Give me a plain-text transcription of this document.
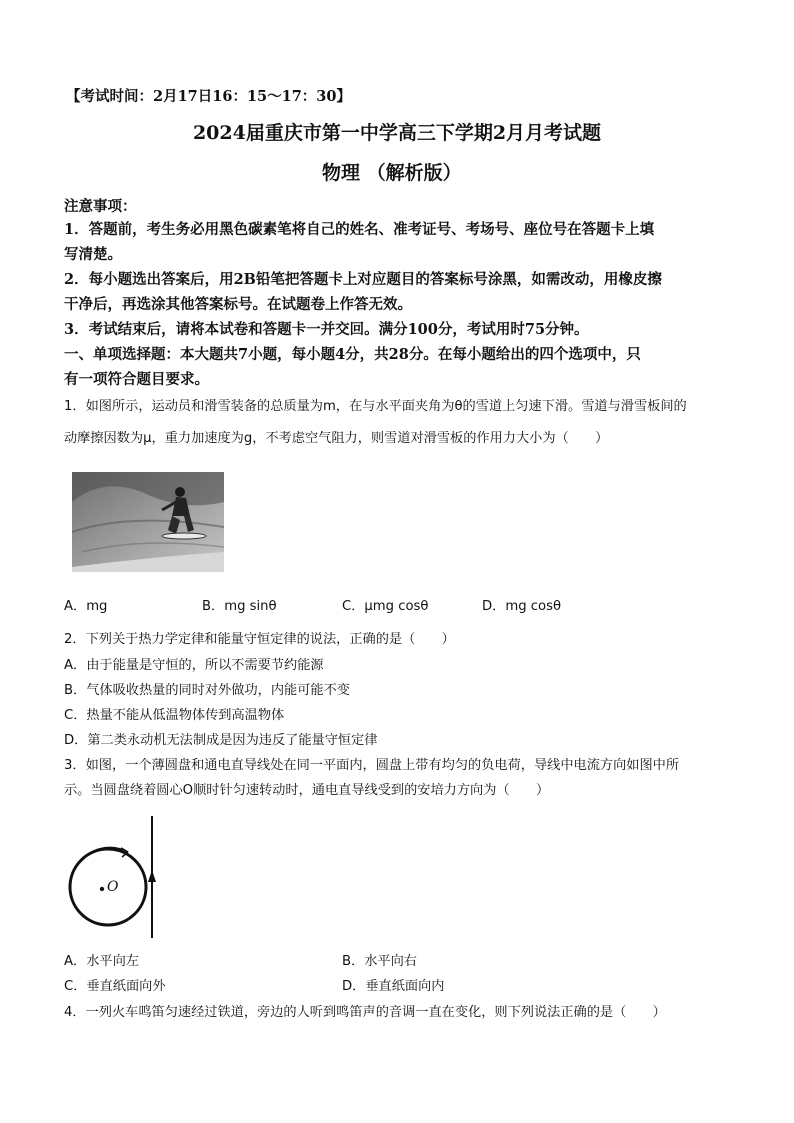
【考试时间：2月17日16：15～17：30】
2024届重庆市第一中学高三下学期2月月考试题
物理 （解析版）
注意事项：
1．答题前，考生务必用黑色碳素笔将自己的姓名、准考证号、考场号、座位号在答题卡上填
写清楚。
2．每小题选出答案后，用2B铅笔把答题卡上对应题目的答案标号涂黑，如需改动，用橡皮擦
干净后，再选涂其他答案标号。在试题卷上作答无效。
3．考试结束后，请将本试卷和答题卡一并交回。满分100分，考试用时75分钟。
一、单项选择题：本大题共7小题，每小题4分，共28分。在每小题给出的四个选项中，只
有一项符合题目要求。
1．如图所示，运动员和滑雪装备的总质量为m，在与水平面夹角为θ的雪道上匀速下滑。雪道与滑雪板间的
动摩擦因数为μ，重力加速度为g，不考虑空气阻力，则雪道对滑雪板的作用力大小为（　　）
A．mg	B．mg sinθ	C．μmg cosθ	D．mg cosθ
2．下列关于热力学定律和能量守恒定律的说法，正确的是（　　）
A．由于能量是守恒的，所以不需要节约能源
B．气体吸收热量的同时对外做功，内能可能不变
C．热量不能从低温物体传到高温物体
D．第二类永动机无法制成是因为违反了能量守恒定律
3．如图，一个薄圆盘和通电直导线处在同一平面内，圆盘上带有均匀的负电荷，导线中电流方向如图中所
示。当圆盘绕着圆心O顺时针匀速转动时，通电直导线受到的安培力方向为（　　）
O
A．水平向左	B．水平向右
C．垂直纸面向外	D．垂直纸面向内
4．一列火车鸣笛匀速经过铁道，旁边的人听到鸣笛声的音调一直在变化，则下列说法正确的是（　　）
